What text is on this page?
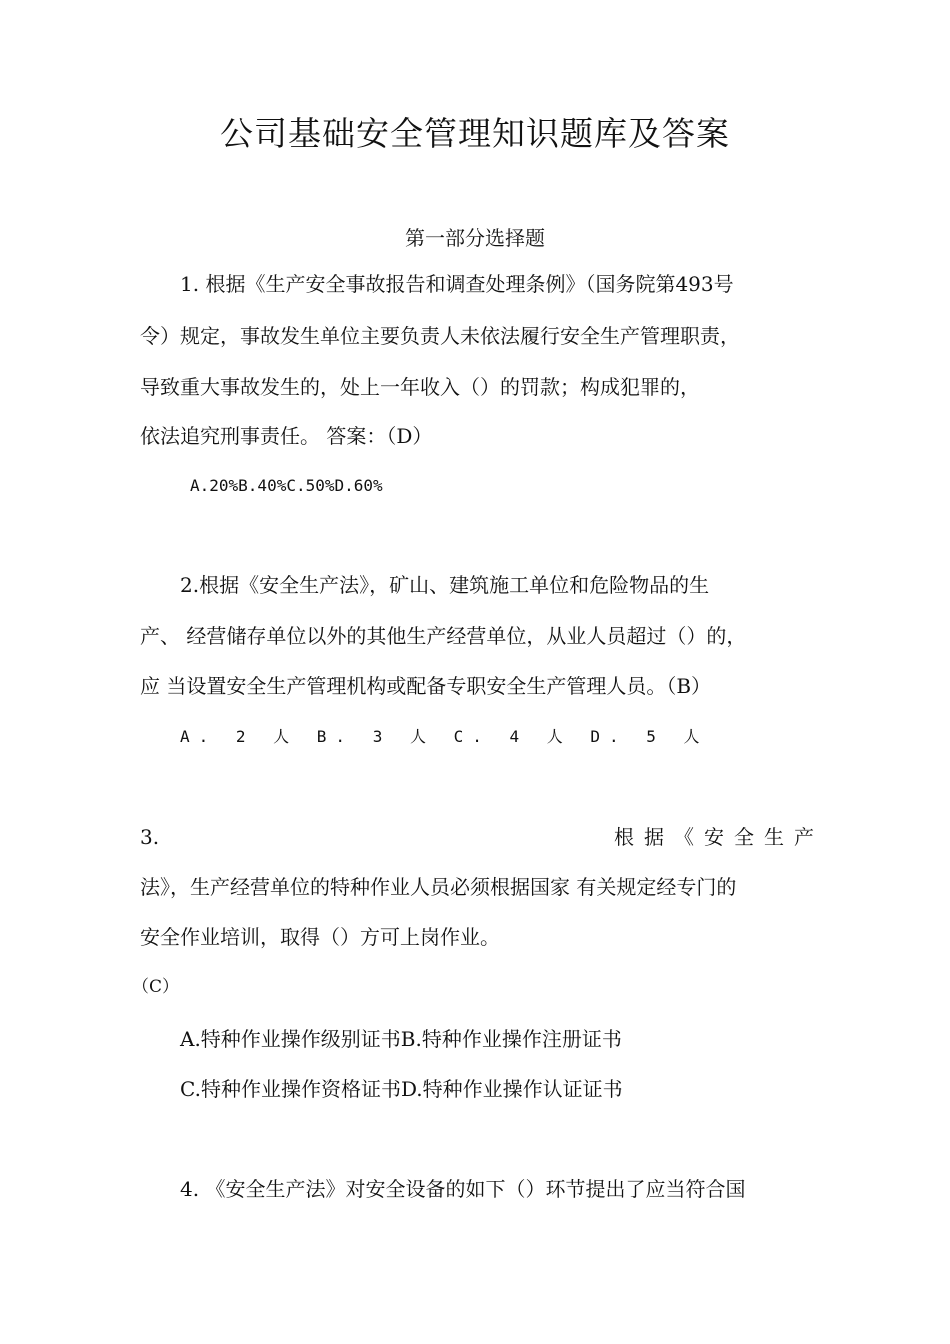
公司基础安全管理知识题库及答案
第一部分选择题
1. 根据《生产安全事故报告和调查处理条例》（国务院第493号
令）规定，事故发生单位主要负责人未依法履行安全生产管理职责，
导致重大事故发生的，处上一年收入（）的罚款；构成犯罪的，
依法追究刑事责任。 答案：（D）
A.20%B.40%C.50%D.60%
2.根据《安全生产法》，矿山、建筑施工单位和危险物品的生
产、 经营储存单位以外的其他生产经营单位，从业人员超过（）的，
应 当设置安全生产管理机构或配备专职安全生产管理人员。（B）
A. 2 人 B. 3 人 C. 4 人 D. 5 人
3.	根据《安全生产
法》，生产经营单位的特种作业人员必须根据国家 有关规定经专门的
安全作业培训，取得（）方可上岗作业。
（C）
A.特种作业操作级别证书B.特种作业操作注册证书
C.特种作业操作资格证书D.特种作业操作认证证书
4. 《安全生产法》对安全设备的如下（）环节提出了应当符合国
